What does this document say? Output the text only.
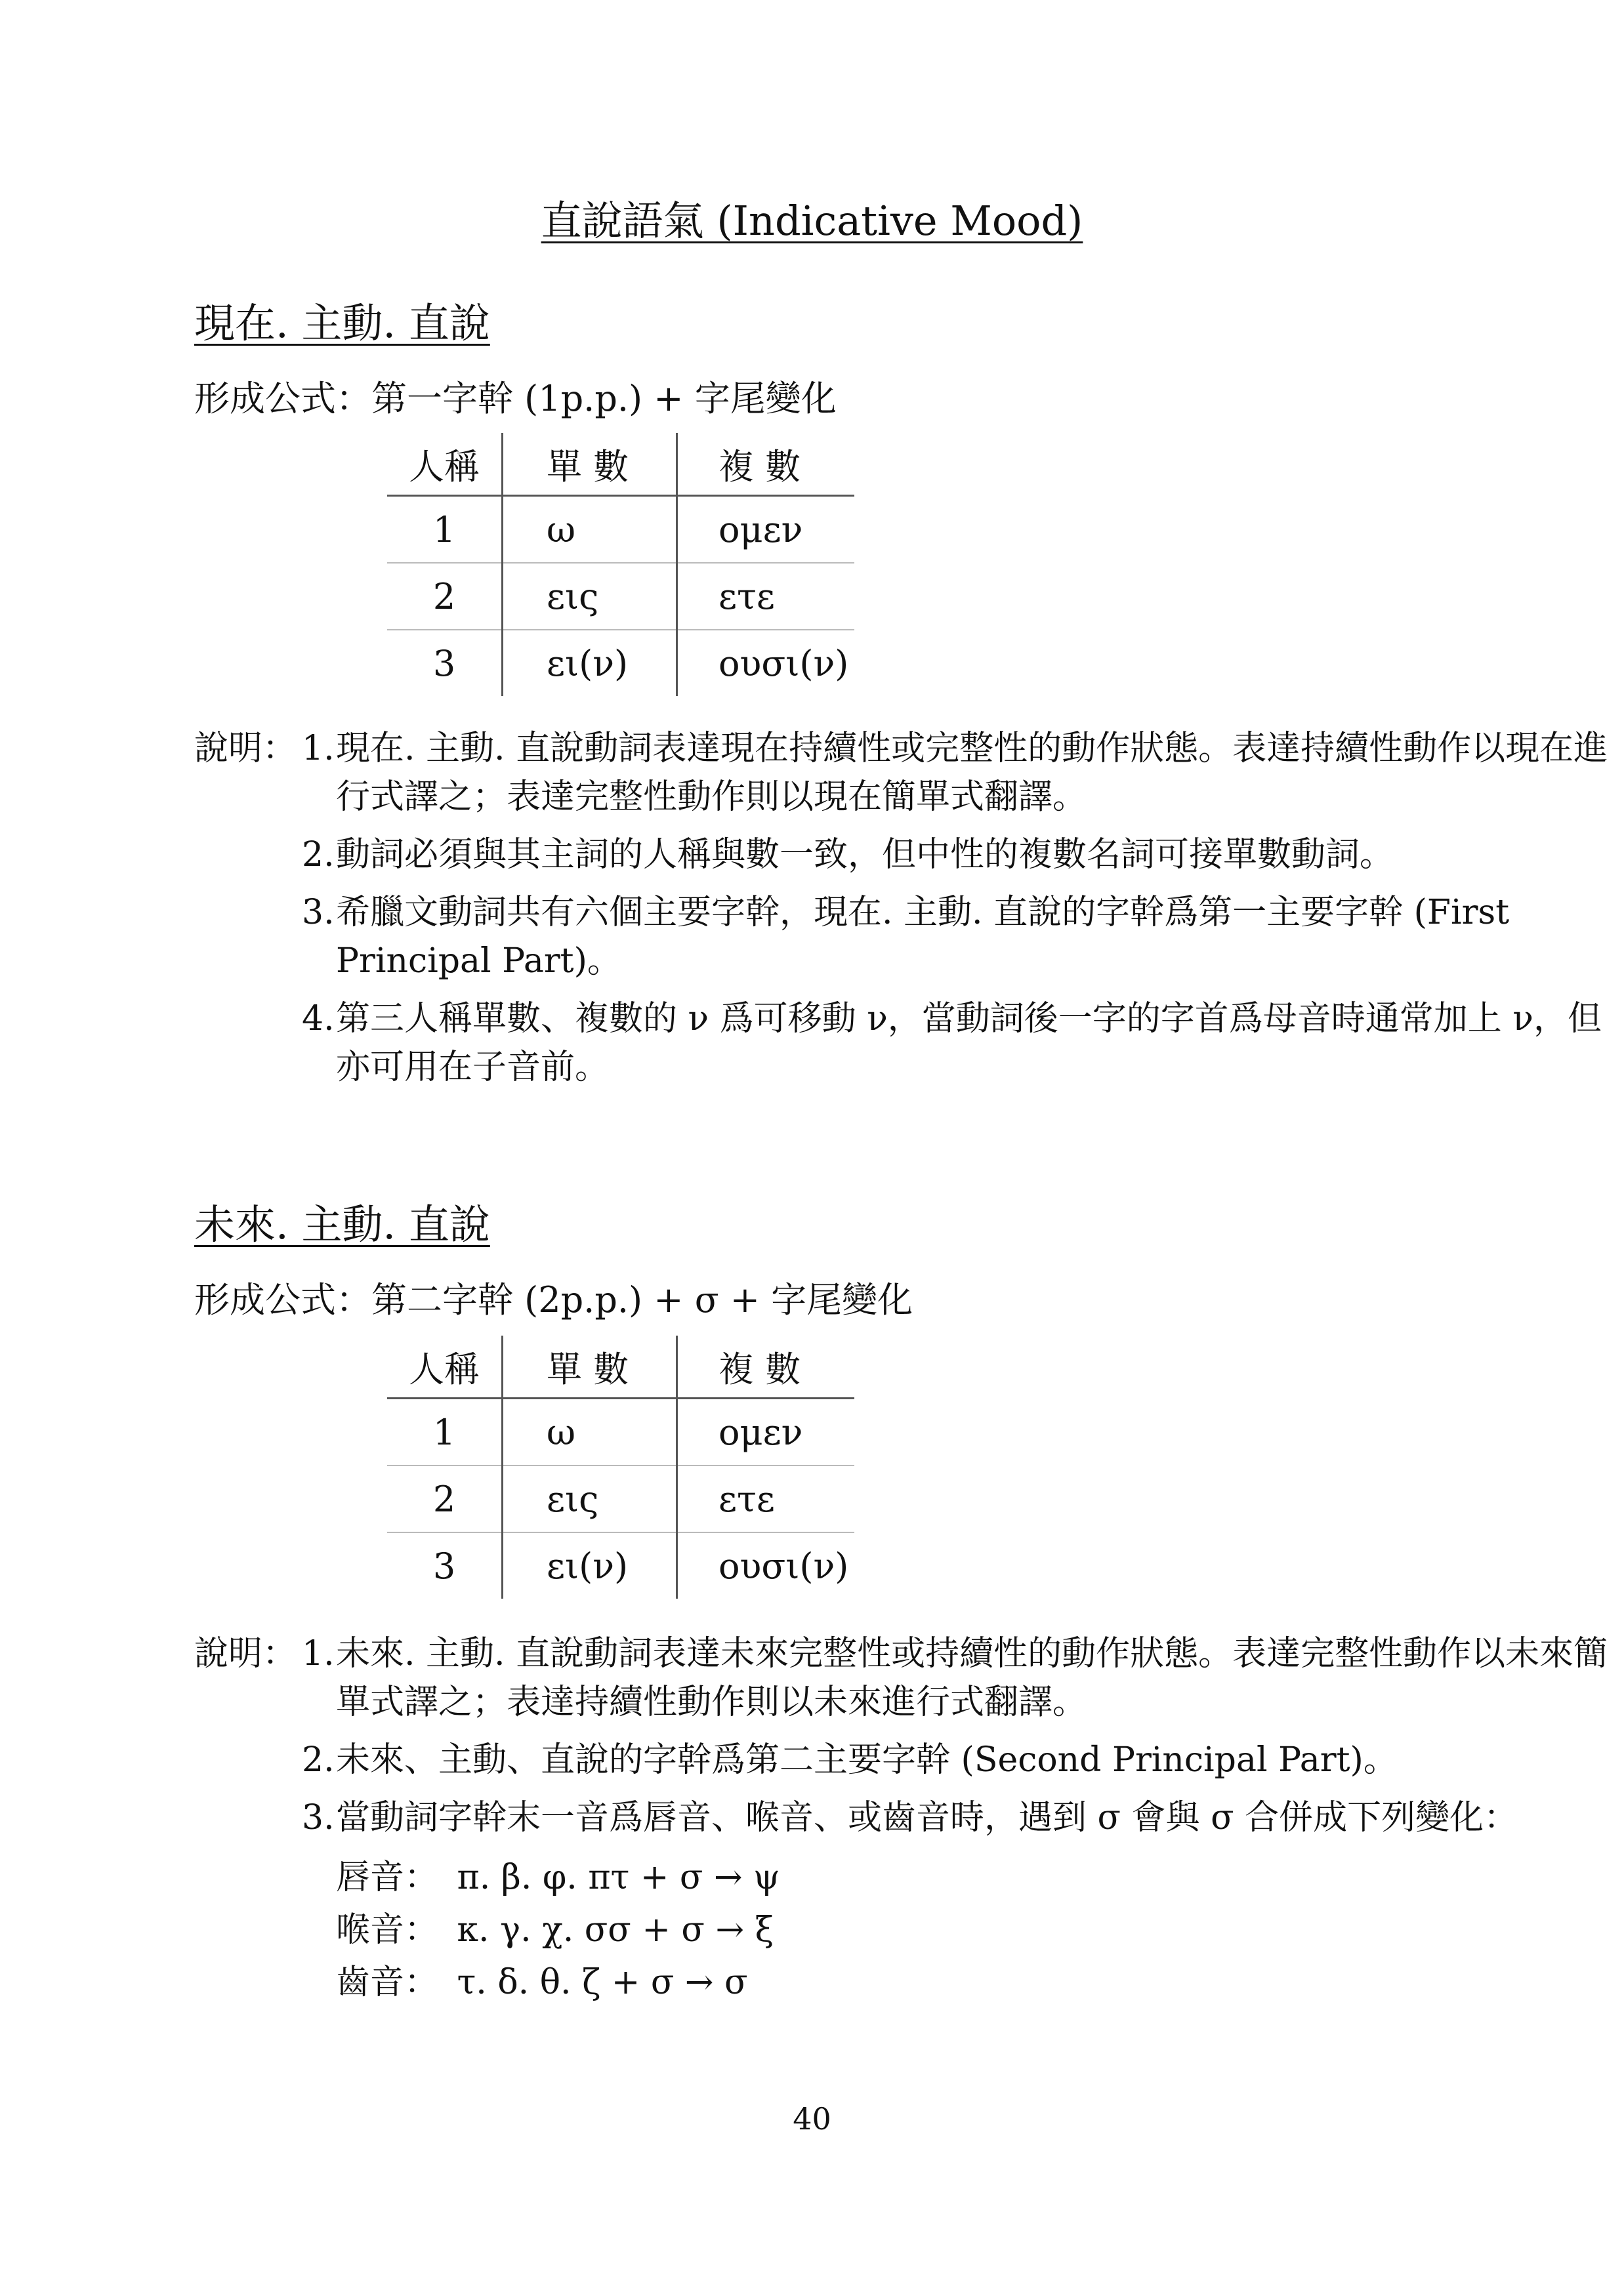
直說語氣 (Indicative Mood)
現在. 主動. 直說
形成公式：第一字幹 (1p.p.) + 字尾變化
人稱	單 數	複 數
1	ω	ομεν
2	εις	ετε
3	ει(ν)	ουσι(ν)
說明： 1. 現在. 主動. 直說動詞表達現在持續性或完整性的動作狀態。表達持續性動作以現在進行式譯之；表達完整性動作則以現在簡單式翻譯。
2. 動詞必須與其主詞的人稱與數一致，但中性的複數名詞可接單數動詞。
3. 希臘文動詞共有六個主要字幹，現在. 主動. 直說的字幹爲第一主要字幹 (First Principal Part)。
4. 第三人稱單數、複數的 ν 爲可移動 ν，當動詞後一字的字首爲母音時通常加上 ν，但亦可用在子音前。
未來. 主動. 直說
形成公式：第二字幹 (2p.p.) + σ + 字尾變化
人稱	單 數	複 數
1	ω	ομεν
2	εις	ετε
3	ει(ν)	ουσι(ν)
說明： 1. 未來. 主動. 直說動詞表達未來完整性或持續性的動作狀態。表達完整性動作以未來簡單式譯之；表達持續性動作則以未來進行式翻譯。
2. 未來、主動、直說的字幹爲第二主要字幹 (Second Principal Part)。
3. 當動詞字幹末一音爲唇音、喉音、或齒音時，遇到 σ 會與 σ 合併成下列變化：
唇音： π. β. φ. πτ + σ → ψ
喉音： κ. γ. χ. σσ + σ → ξ
齒音： τ. δ. θ. ζ + σ → σ
40
